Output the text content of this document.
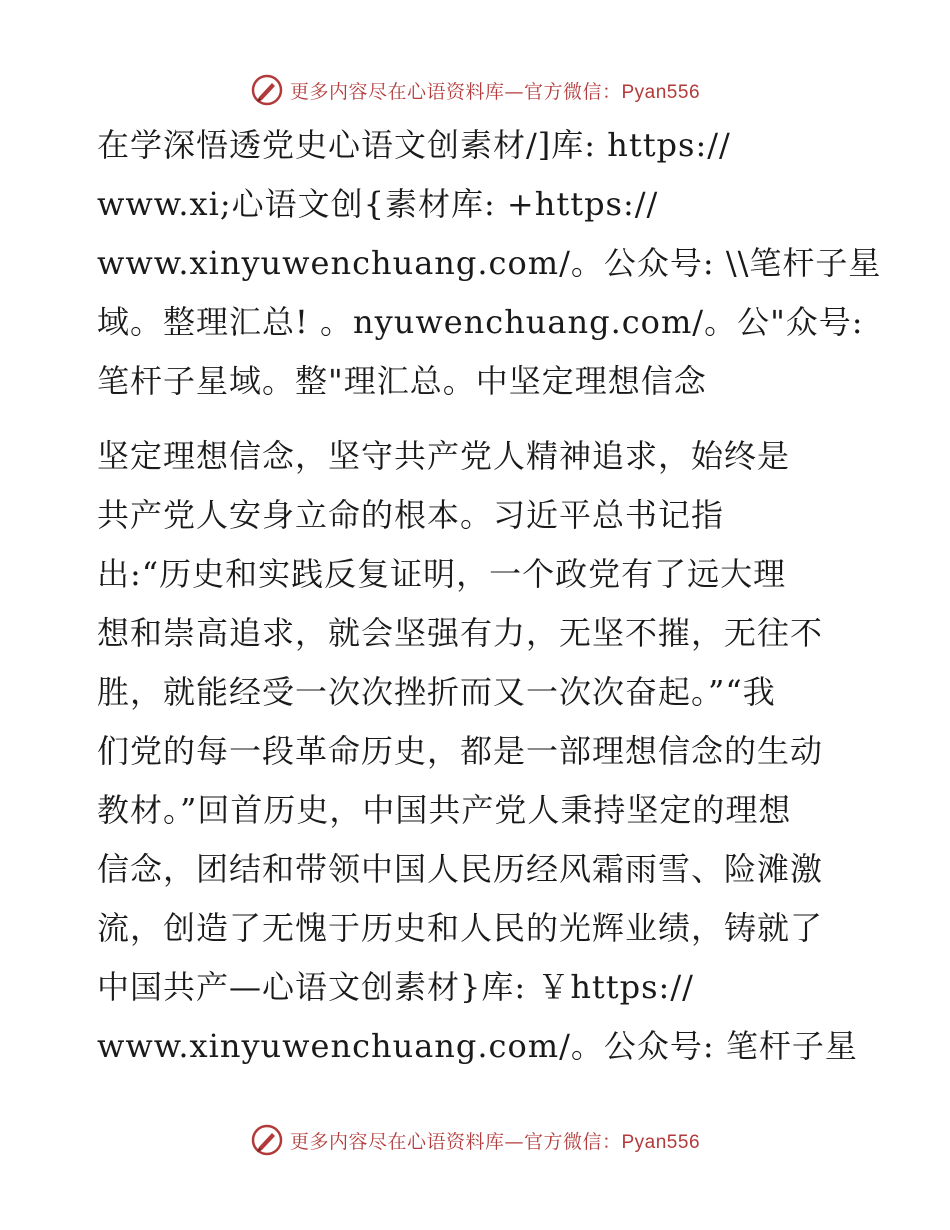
更多内容尽在心语资料库—官方微信：Pyan556
在学深悟透党史心语文创素材/]库: https://
www.xi;心语文创{素材库: +https://
www.xinyuwenchuang.com/。公众号: \\笔杆子星
域。整理汇总! 。nyuwenchuang.com/。公"众号:
笔杆子星域。整"理汇总。中坚定理想信念
坚定理想信念，坚守共产党人精神追求，始终是
共产党人安身立命的根本。习近平总书记指
出:“历史和实践反复证明，一个政党有了远大理
想和崇高追求，就会坚强有力，无坚不摧，无往不
胜，就能经受一次次挫折而又一次次奋起。”“我
们党的每一段革命历史，都是一部理想信念的生动
教材。”回首历史，中国共产党人秉持坚定的理想
信念，团结和带领中国人民历经风霜雨雪、险滩激
流，创造了无愧于历史和人民的光辉业绩，铸就了
中国共产—心语文创素材}库: ￥https://
www.xinyuwenchuang.com/。公众号: 笔杆子星
更多内容尽在心语资料库—官方微信：Pyan556
